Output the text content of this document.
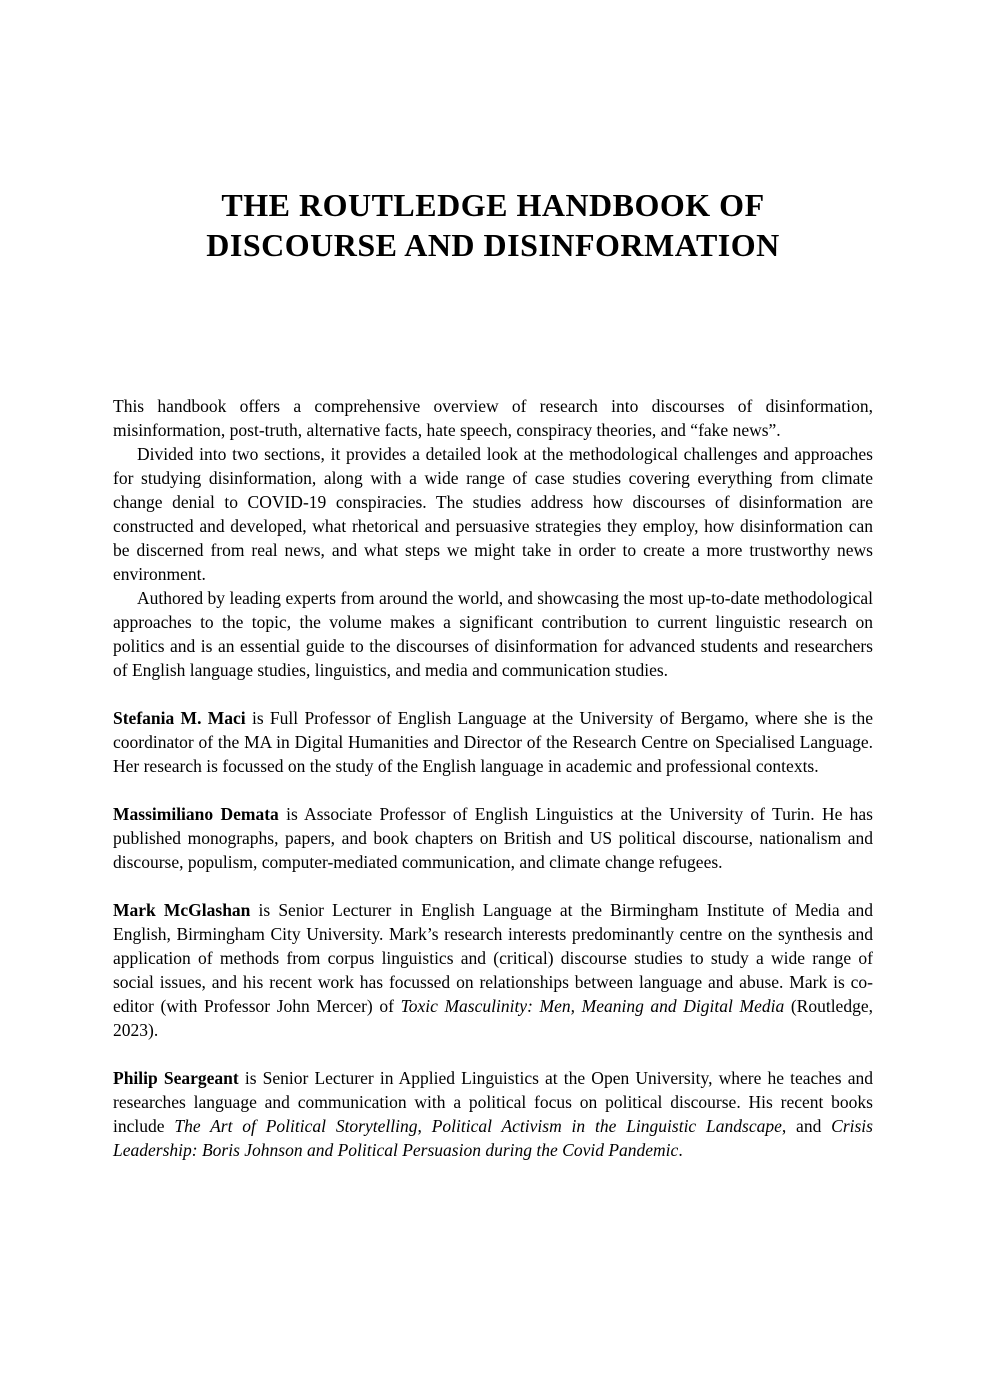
THE ROUTLEDGE HANDBOOK OF
DISCOURSE AND DISINFORMATION

This handbook offers a comprehensive overview of research into discourses of disinformation, misinformation, post-truth, alternative facts, hate speech, conspiracy theories, and “fake news”.

Divided into two sections, it provides a detailed look at the methodological challenges and approaches for studying disinformation, along with a wide range of case studies covering everything from climate change denial to COVID-19 conspiracies. The studies address how discourses of disinformation are constructed and developed, what rhetorical and persuasive strategies they employ, how disinformation can be discerned from real news, and what steps we might take in order to create a more trustworthy news environment.

Authored by leading experts from around the world, and showcasing the most up-to-date methodological approaches to the topic, the volume makes a significant contribution to current linguistic research on politics and is an essential guide to the discourses of disinformation for advanced students and researchers of English language studies, linguistics, and media and communication studies.

Stefania M. Maci is Full Professor of English Language at the University of Bergamo, where she is the coordinator of the MA in Digital Humanities and Director of the Research Centre on Specialised Language. Her research is focussed on the study of the English language in academic and professional contexts.

Massimiliano Demata is Associate Professor of English Linguistics at the University of Turin. He has published monographs, papers, and book chapters on British and US political discourse, nationalism and discourse, populism, computer-mediated communication, and climate change refugees.

Mark McGlashan is Senior Lecturer in English Language at the Birmingham Institute of Media and English, Birmingham City University. Mark’s research interests predominantly centre on the synthesis and application of methods from corpus linguistics and (critical) discourse studies to study a wide range of social issues, and his recent work has focussed on relationships between language and abuse. Mark is co-editor (with Professor John Mercer) of Toxic Masculinity: Men, Meaning and Digital Media (Routledge, 2023).

Philip Seargeant is Senior Lecturer in Applied Linguistics at the Open University, where he teaches and researches language and communication with a political focus on political discourse. His recent books include The Art of Political Storytelling, Political Activism in the Linguistic Landscape, and Crisis Leadership: Boris Johnson and Political Persuasion during the Covid Pandemic.
